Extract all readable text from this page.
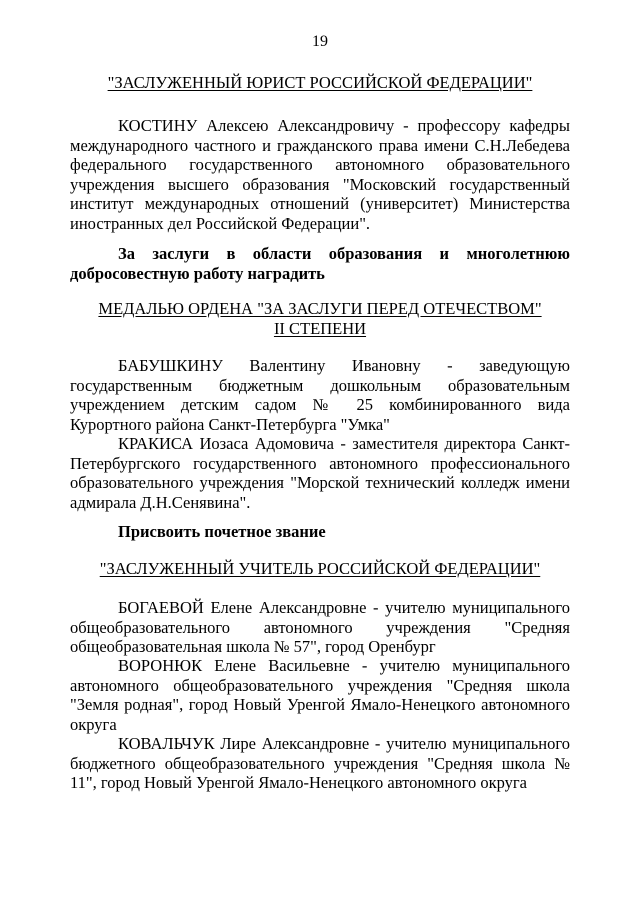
19
"ЗАСЛУЖЕННЫЙ ЮРИСТ РОССИЙСКОЙ ФЕДЕРАЦИИ"
КОСТИНУ Алексею Александровичу - профессору кафедры международного частного и гражданского права имени С.Н.Лебедева федерального государственного автономного образовательного учреждения высшего образования "Московский государственный институт международных отношений (университет) Министерства иностранных дел Российской Федерации".
За заслуги в области образования и многолетнюю добросовестную работу наградить
МЕДАЛЬЮ ОРДЕНА "ЗА ЗАСЛУГИ ПЕРЕД ОТЕЧЕСТВОМ"
II СТЕПЕНИ
БАБУШКИНУ Валентину Ивановну - заведующую государственным бюджетным дошкольным образовательным учреждением детским садом № 25 комбинированного вида Курортного района Санкт-Петербурга "Умка"
КРАКИСА Иозаса Адомовича - заместителя директора Санкт-Петербургского государственного автономного профессионального образовательного учреждения "Морской технический колледж имени адмирала Д.Н.Сенявина".
Присвоить почетное звание
"ЗАСЛУЖЕННЫЙ УЧИТЕЛЬ РОССИЙСКОЙ ФЕДЕРАЦИИ"
БОГАЕВОЙ Елене Александровне - учителю муниципального общеобразовательного автономного учреждения "Средняя общеобразовательная школа № 57", город Оренбург
ВОРОНЮК Елене Васильевне - учителю муниципального автономного общеобразовательного учреждения "Средняя школа "Земля родная", город Новый Уренгой Ямало-Ненецкого автономного округа
КОВАЛЬЧУК Лире Александровне - учителю муниципального бюджетного общеобразовательного учреждения "Средняя школа № 11", город Новый Уренгой Ямало-Ненецкого автономного округа
